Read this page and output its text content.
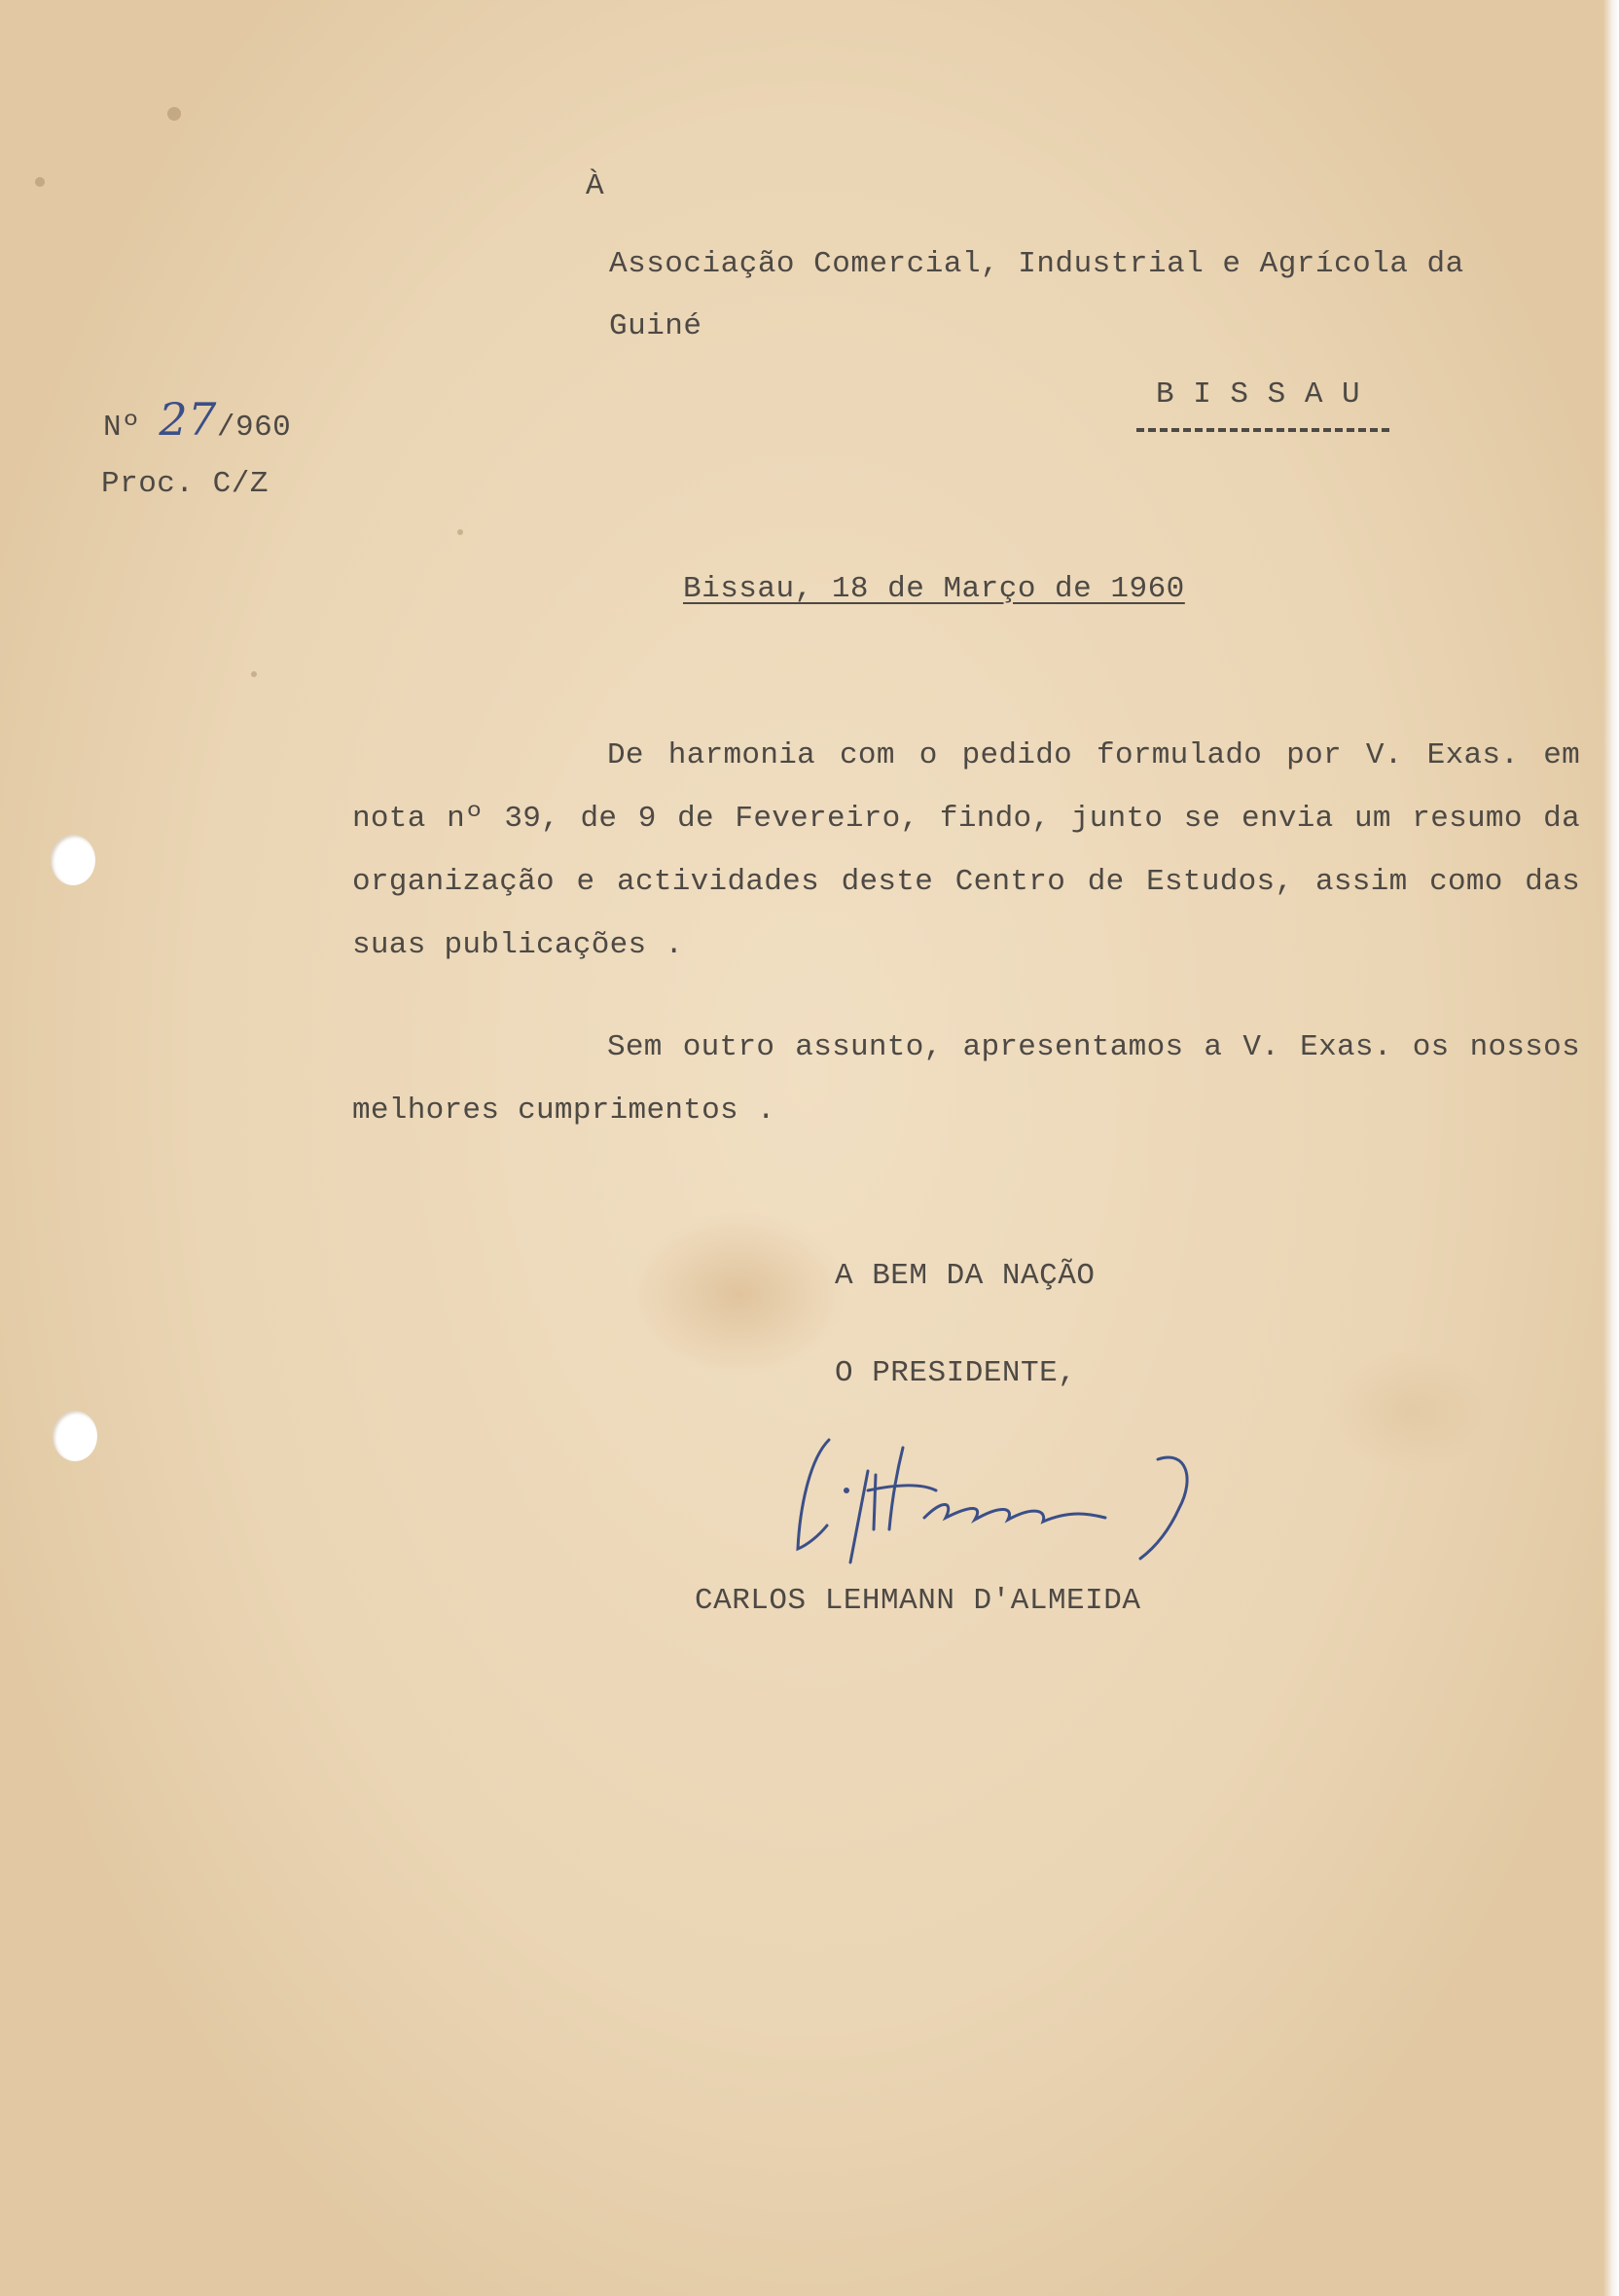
À
Associação Comercial, Industrial e Agrícola da
Guiné
B I S S A U
Nº 27/960
Proc. C/Z
Bissau, 18 de Março de 1960
De harmonia com o pedido formulado por V. Exas. em nota nº 39, de 9 de Fevereiro, findo, junto se envia um resumo da organização e actividades deste Centro de Estudos, assim como das suas publicações .
Sem outro assunto, apresentamos a V. Exas. os nossos melhores cumprimentos .
A BEM DA NAÇÃO
O PRESIDENTE,
CARLOS LEHMANN D'ALMEIDA
